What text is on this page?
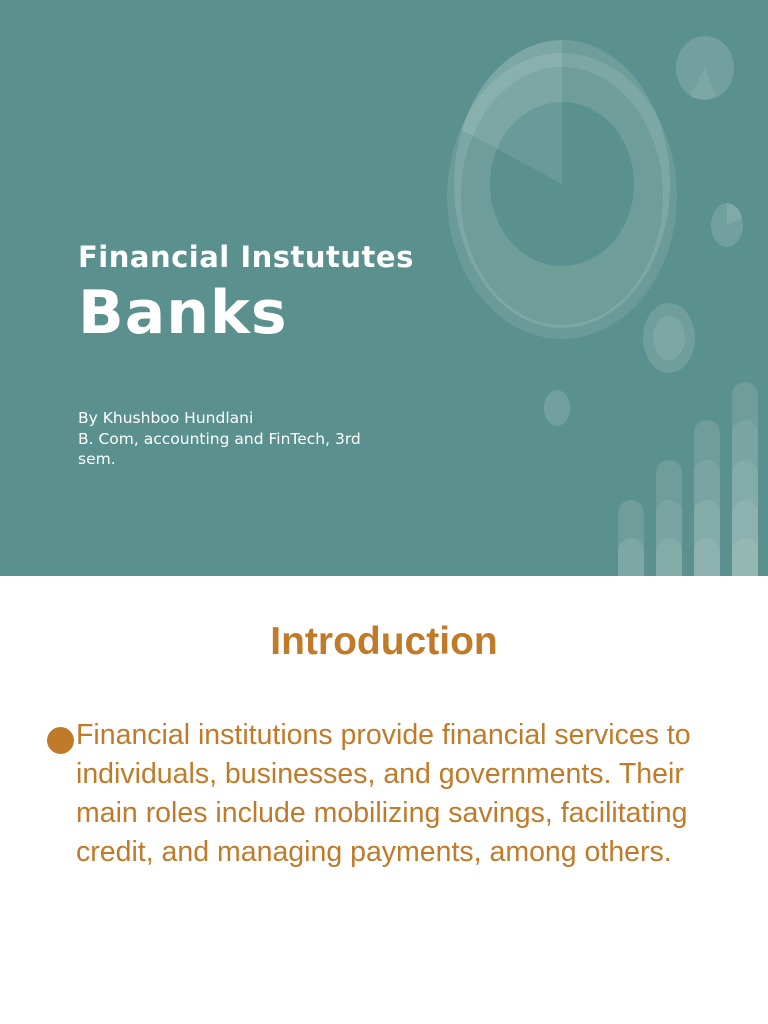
Financial Instututes
Banks
By Khushboo Hundlani
B. Com, accounting and FinTech, 3rd
sem.
Introduction
Financial institutions provide financial services to individuals, businesses, and governments. Their main roles include mobilizing savings, facilitating credit, and managing payments, among others.
